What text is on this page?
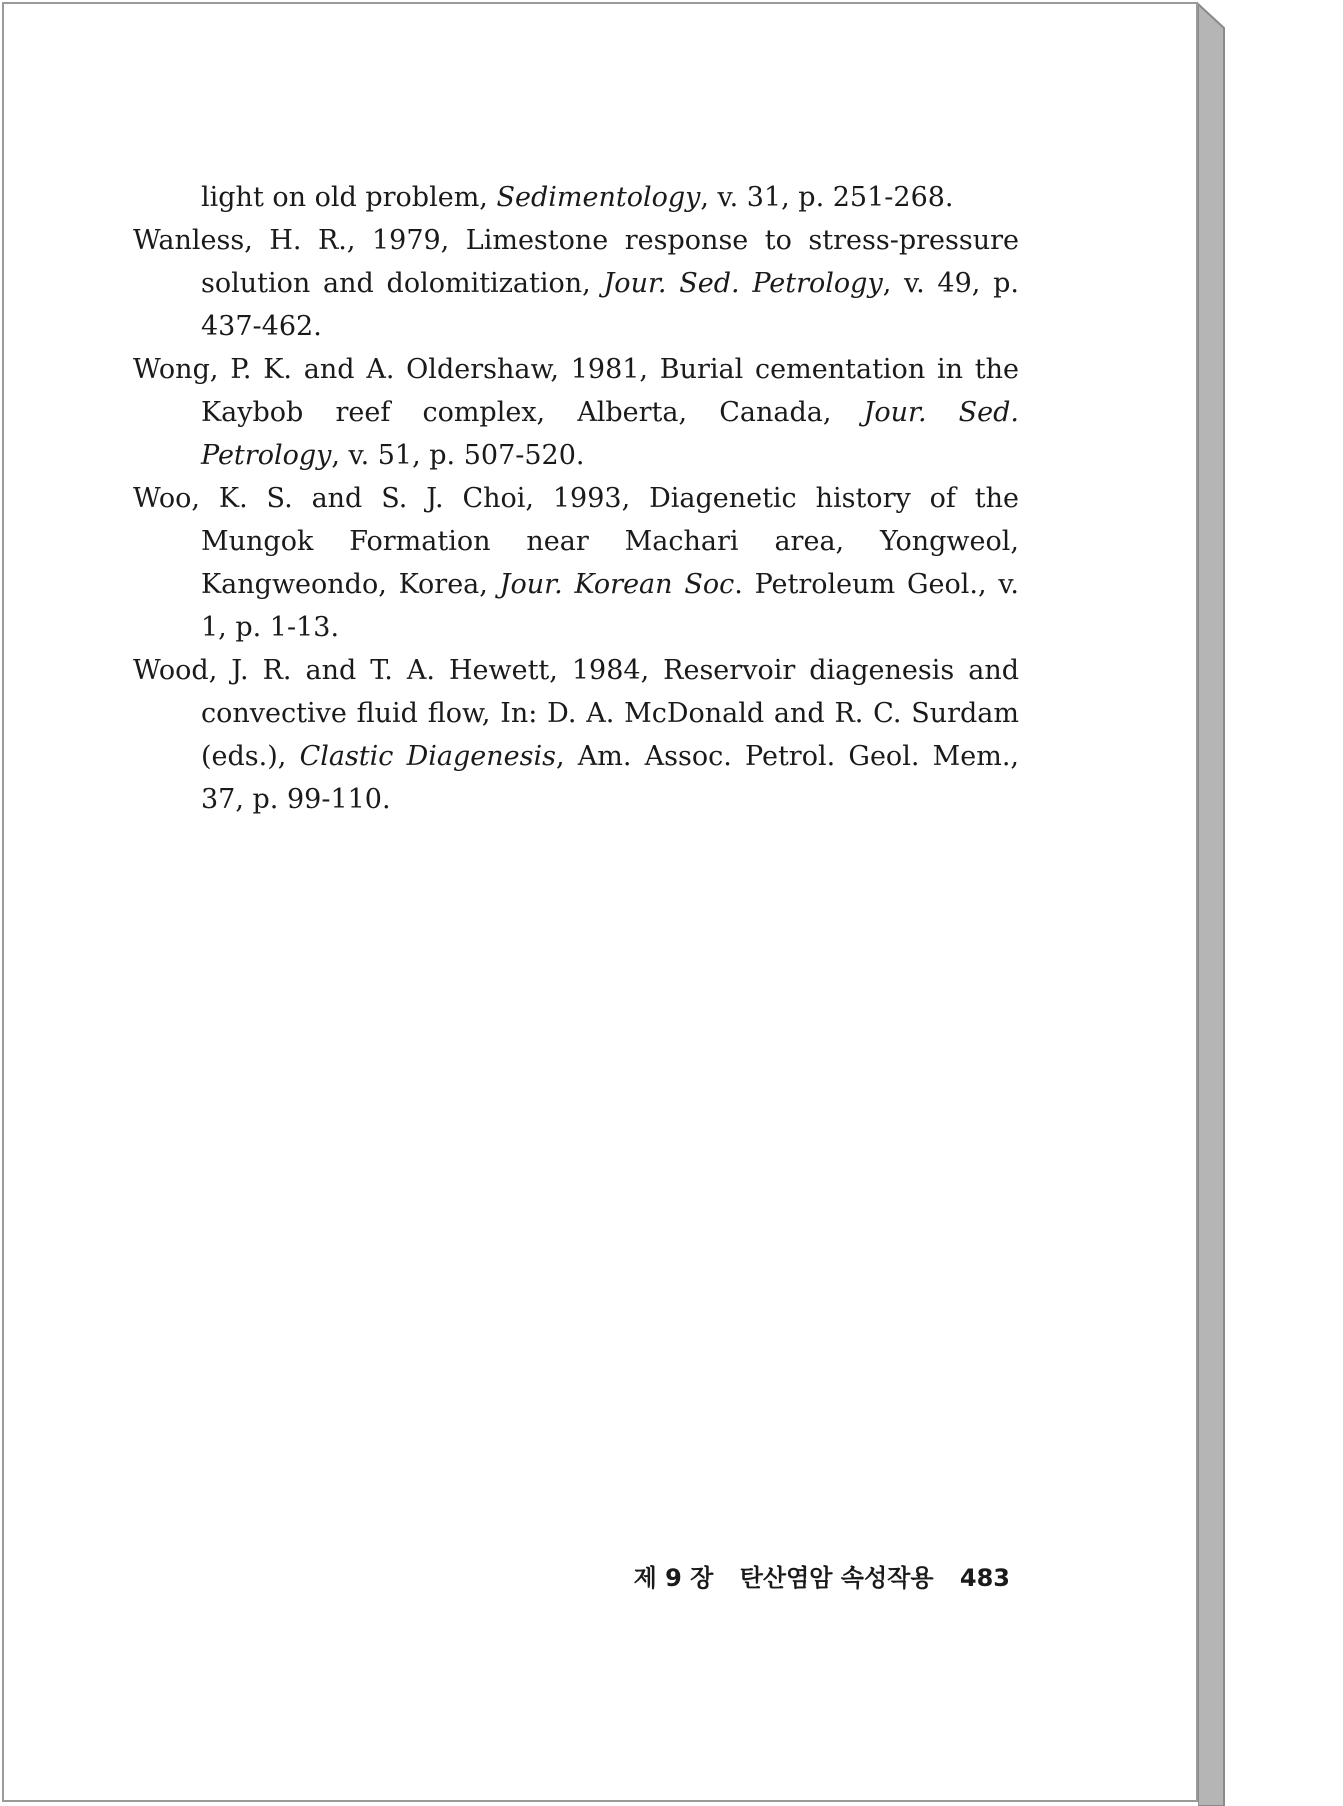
light on old problem, Sedimentology, v. 31, p. 251-268.

Wanless, H. R., 1979, Limestone response to stress-pressure solution and dolomitization, Jour. Sed. Petrology, v. 49, p. 437-462.

Wong, P. K. and A. Oldershaw, 1981, Burial cementation in the Kaybob reef complex, Alberta, Canada, Jour. Sed. Petrology, v. 51, p. 507-520.

Woo, K. S. and S. J. Choi, 1993, Diagenetic history of the Mungok Formation near Machari area, Yongweol, Kangweondo, Korea, Jour. Korean Soc. Petroleum Geol., v. 1, p. 1-13.

Wood, J. R. and T. A. Hewett, 1984, Reservoir diagenesis and convective fluid flow, In: D. A. McDonald and R. C. Surdam (eds.), Clastic Diagenesis, Am. Assoc. Petrol. Geol. Mem., 37, p. 99-110.

제 9 장 탄산염암 속성작용 483
